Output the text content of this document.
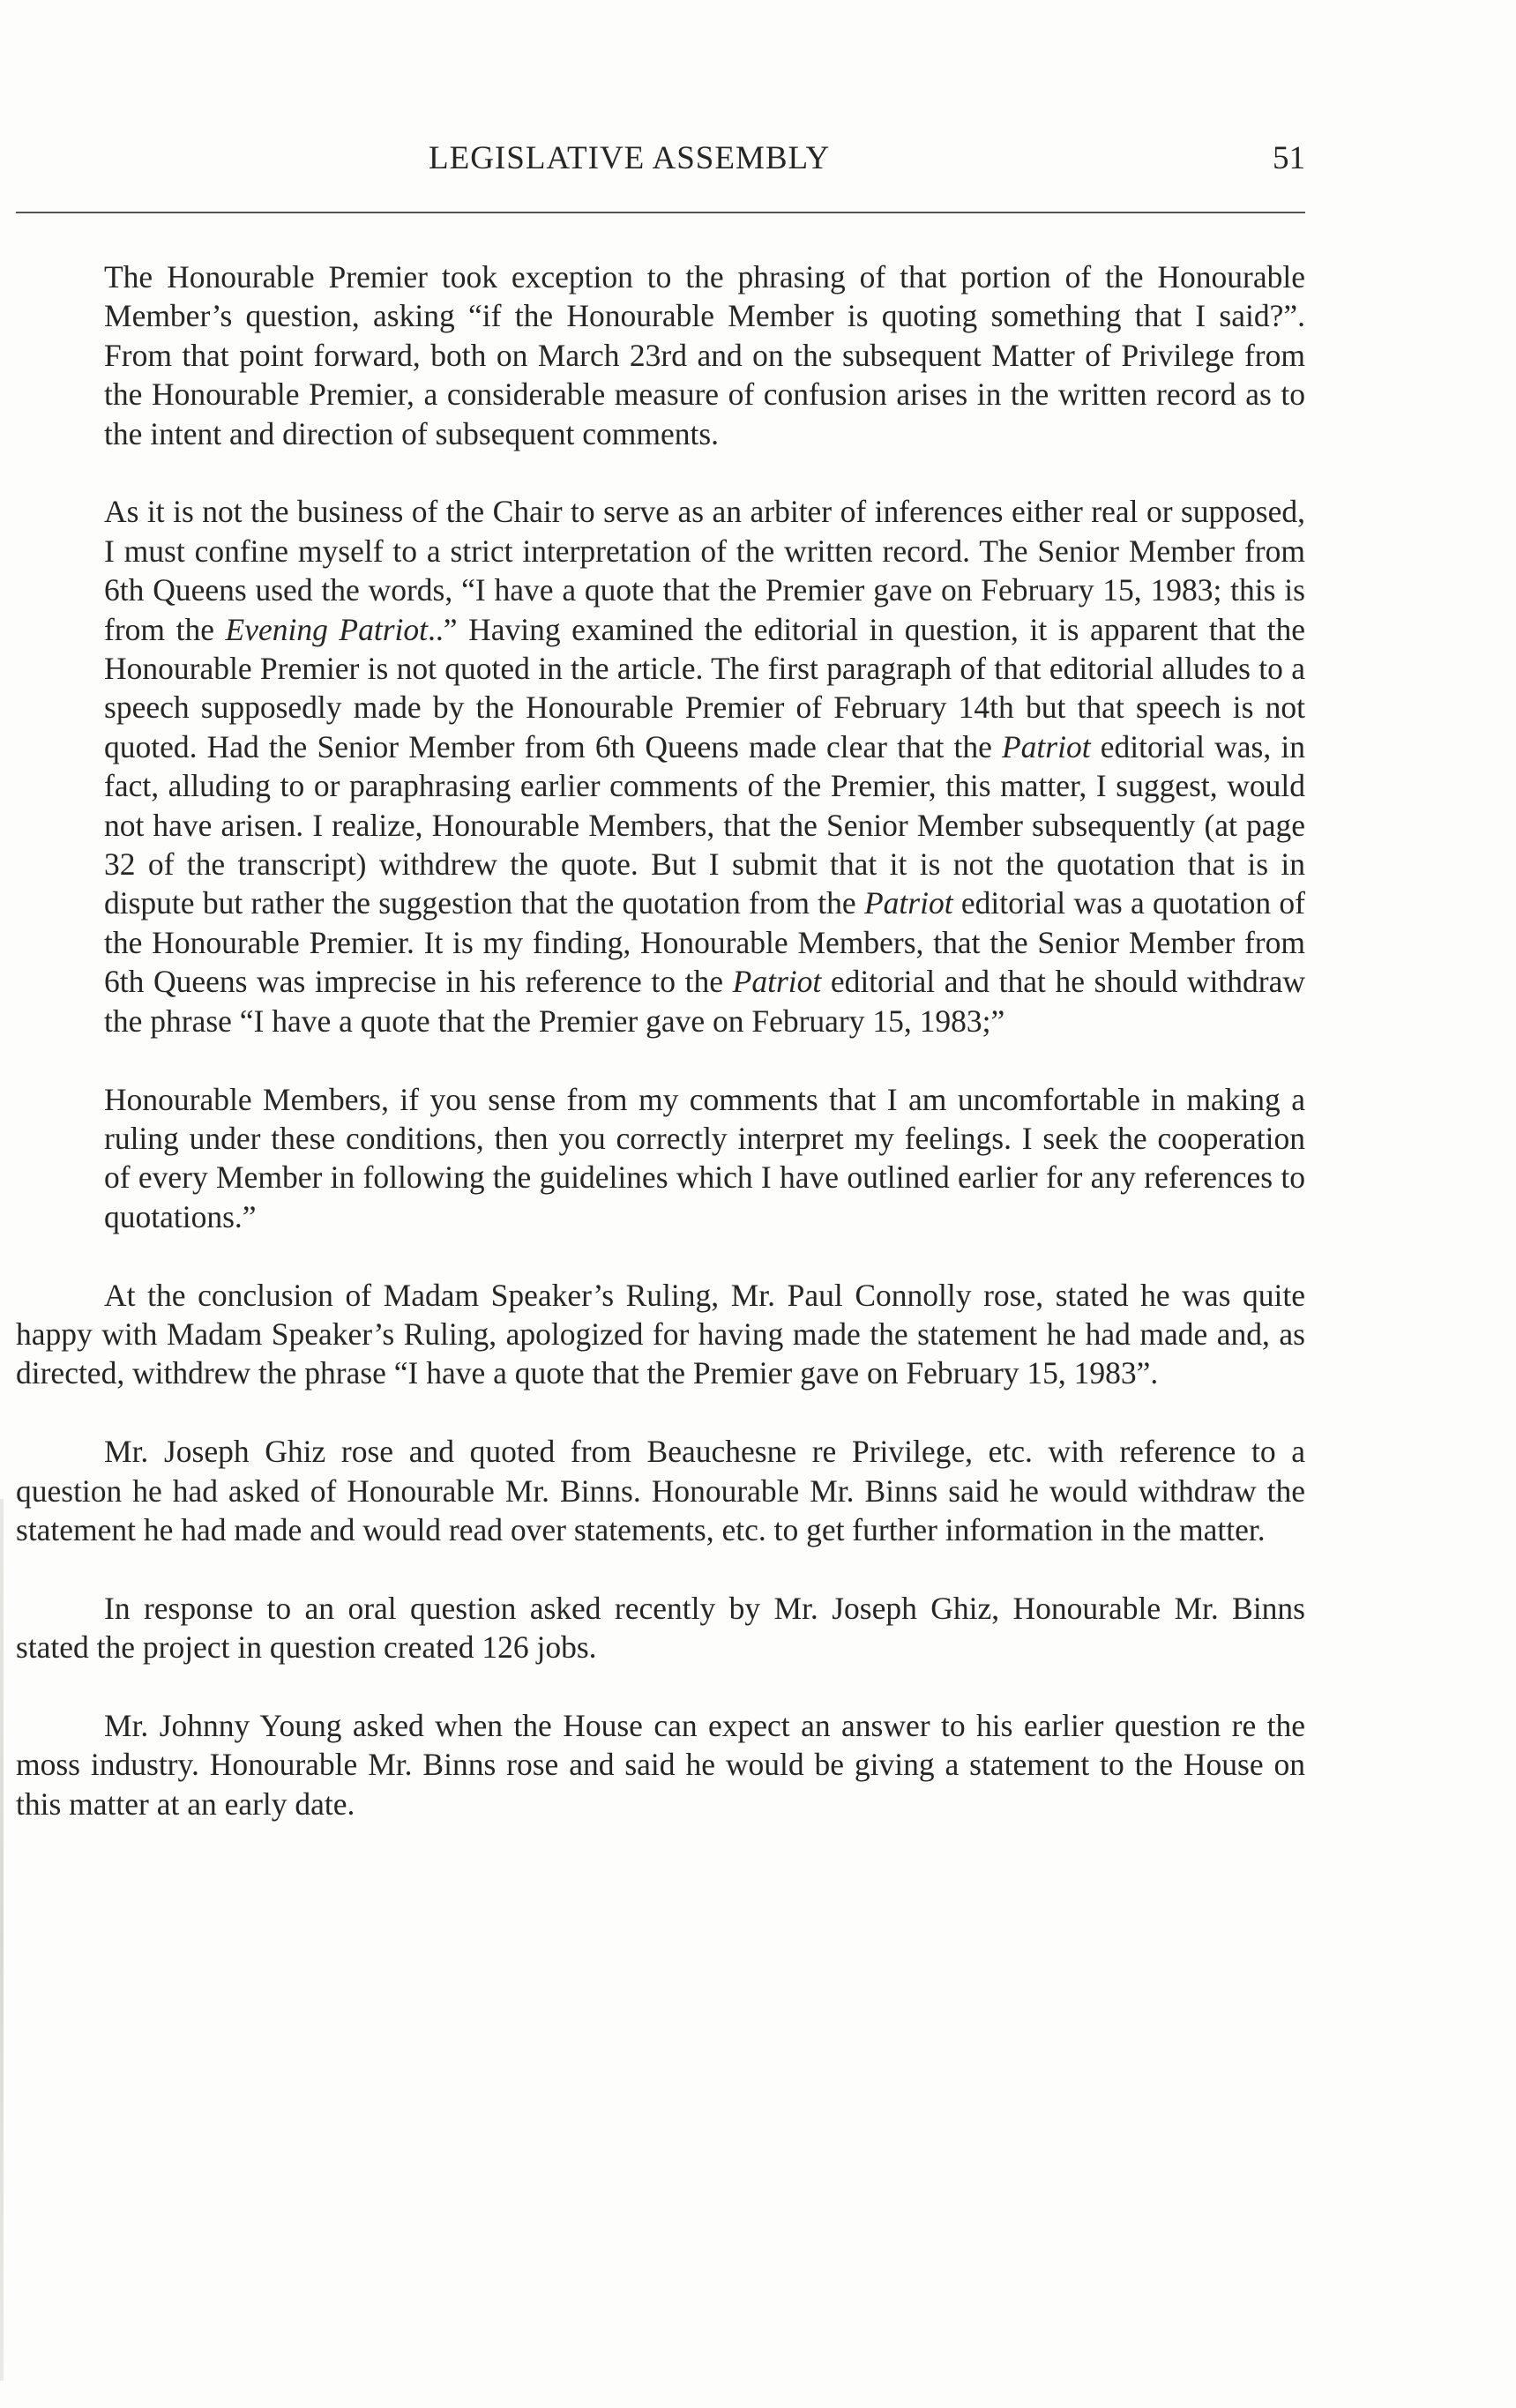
LEGISLATIVE ASSEMBLY	51

The Honourable Premier took exception to the phrasing of that portion of the Honourable Member’s question, asking “if the Honourable Member is quoting something that I said?”. From that point forward, both on March 23rd and on the subsequent Matter of Privilege from the Honourable Premier, a considerable measure of confusion arises in the written record as to the intent and direction of subsequent comments.

As it is not the business of the Chair to serve as an arbiter of inferences either real or supposed, I must confine myself to a strict interpretation of the written record. The Senior Member from 6th Queens used the words, “I have a quote that the Premier gave on February 15, 1983; this is from the Evening Patriot..” Having examined the editorial in question, it is apparent that the Honourable Premier is not quoted in the article. The first paragraph of that editorial alludes to a speech supposedly made by the Honourable Premier of February 14th but that speech is not quoted. Had the Senior Member from 6th Queens made clear that the Patriot editorial was, in fact, alluding to or paraphrasing earlier comments of the Premier, this matter, I suggest, would not have arisen. I realize, Honourable Members, that the Senior Member subsequently (at page 32 of the transcript) withdrew the quote. But I submit that it is not the quotation that is in dispute but rather the suggestion that the quotation from the Patriot editorial was a quotation of the Honourable Premier. It is my finding, Honourable Members, that the Senior Member from 6th Queens was imprecise in his reference to the Patriot editorial and that he should withdraw the phrase “I have a quote that the Premier gave on February 15, 1983;”

Honourable Members, if you sense from my comments that I am uncomfortable in making a ruling under these conditions, then you correctly interpret my feelings. I seek the cooperation of every Member in following the guidelines which I have outlined earlier for any references to quotations.”

At the conclusion of Madam Speaker’s Ruling, Mr. Paul Connolly rose, stated he was quite happy with Madam Speaker’s Ruling, apologized for having made the statement he had made and, as directed, withdrew the phrase “I have a quote that the Premier gave on February 15, 1983”.

Mr. Joseph Ghiz rose and quoted from Beauchesne re Privilege, etc. with reference to a question he had asked of Honourable Mr. Binns. Honourable Mr. Binns said he would withdraw the statement he had made and would read over statements, etc. to get further information in the matter.

In response to an oral question asked recently by Mr. Joseph Ghiz, Honourable Mr. Binns stated the project in question created 126 jobs.

Mr. Johnny Young asked when the House can expect an answer to his earlier question re the moss industry. Honourable Mr. Binns rose and said he would be giving a statement to the House on this matter at an early date.
